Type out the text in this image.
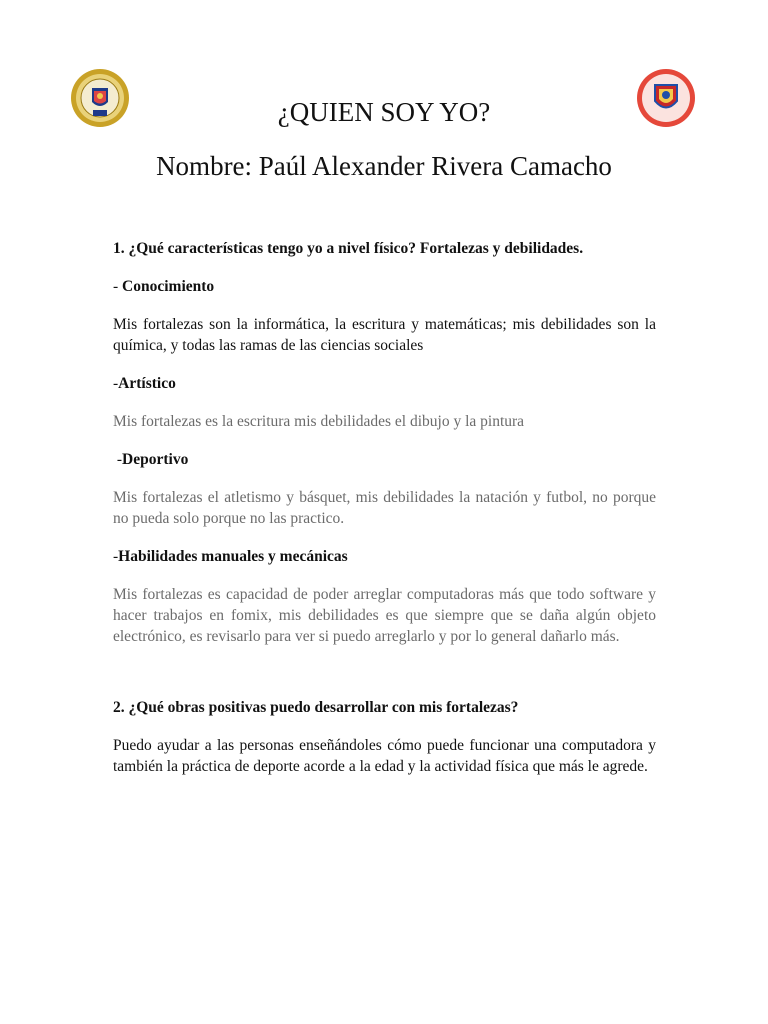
¿QUIEN SOY YO?
Nombre: Paúl Alexander Rivera Camacho

1. ¿Qué características tengo yo a nivel físico? Fortalezas y debilidades.

- Conocimiento

Mis fortalezas son la informática, la escritura y matemáticas; mis debilidades son la química, y todas las ramas de las ciencias sociales

-Artístico

Mis fortalezas es la escritura mis debilidades el dibujo y la pintura

-Deportivo

Mis fortalezas el atletismo y básquet, mis debilidades la natación y futbol, no porque no pueda solo porque no las practico.

-Habilidades manuales y mecánicas

Mis fortalezas es capacidad de poder arreglar computadoras más que todo software y hacer trabajos en fomix, mis debilidades es que siempre que se daña algún objeto electrónico, es revisarlo para ver si puedo arreglarlo y por lo general dañarlo más.

2. ¿Qué obras positivas puedo desarrollar con mis fortalezas?

Puedo ayudar a las personas enseñándoles cómo puede funcionar una computadora y también la práctica de deporte acorde a la edad y la actividad física que más le agrede.
